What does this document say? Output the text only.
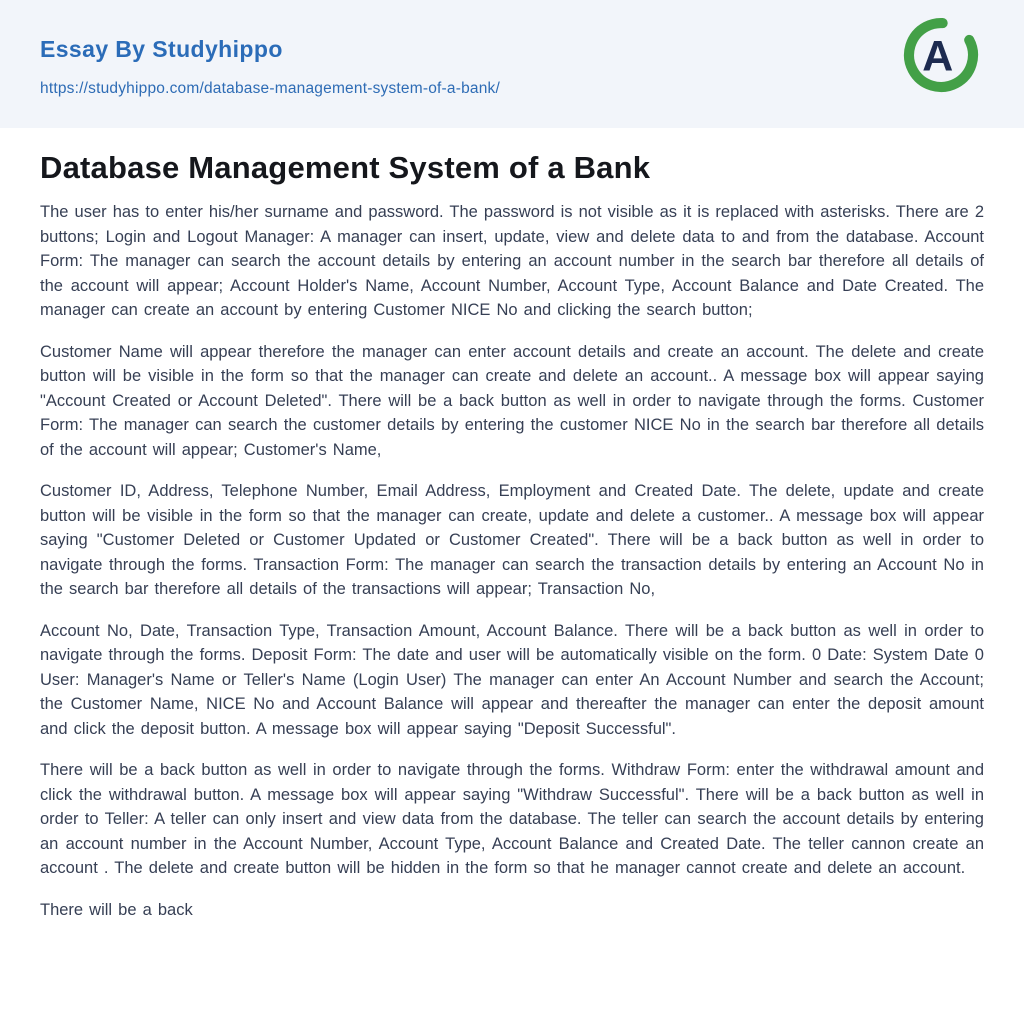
Essay By Studyhippo
https://studyhippo.com/database-management-system-of-a-bank/
A
Database Management System of a Bank

The user has to enter his/her surname and password. The password is not visible as it is replaced with asterisks. There are 2 buttons; Login and Logout Manager: A manager can insert, update, view and delete data to and from the database. Account Form: The manager can search the account details by entering an account number in the search bar therefore all details of the account will appear; Account Holder's Name, Account Number, Account Type, Account Balance and Date Created. The manager can create an account by entering Customer NICE No and clicking the search button;

Customer Name will appear therefore the manager can enter account details and create an account. The delete and create button will be visible in the form so that the manager can create and delete an account.. A message box will appear saying "Account Created or Account Deleted". There will be a back button as well in order to navigate through the forms. Customer Form: The manager can search the customer details by entering the customer NICE No in the search bar therefore all details of the account will appear; Customer's Name,

Customer ID, Address, Telephone Number, Email Address, Employment and Created Date. The delete, update and create button will be visible in the form so that the manager can create, update and delete a customer.. A message box will appear saying "Customer Deleted or Customer Updated or Customer Created". There will be a back button as well in order to navigate through the forms. Transaction Form: The manager can search the transaction details by entering an Account No in the search bar therefore all details of the transactions will appear; Transaction No,

Account No, Date, Transaction Type, Transaction Amount, Account Balance. There will be a back button as well in order to navigate through the forms. Deposit Form: The date and user will be automatically visible on the form. 0 Date: System Date 0 User: Manager's Name or Teller's Name (Login User) The manager can enter An Account Number and search the Account; the Customer Name, NICE No and Account Balance will appear and thereafter the manager can enter the deposit amount and click the deposit button. A message box will appear saying "Deposit Successful".

There will be a back button as well in order to navigate through the forms. Withdraw Form: enter the withdrawal amount and click the withdrawal button. A message box will appear saying "Withdraw Successful". There will be a back button as well in order to Teller: A teller can only insert and view data from the database. The teller can search the account details by entering an account number in the Account Number, Account Type, Account Balance and Created Date. The teller cannon create an account . The delete and create button will be hidden in the form so that he manager cannot create and delete an account.

There will be a back
